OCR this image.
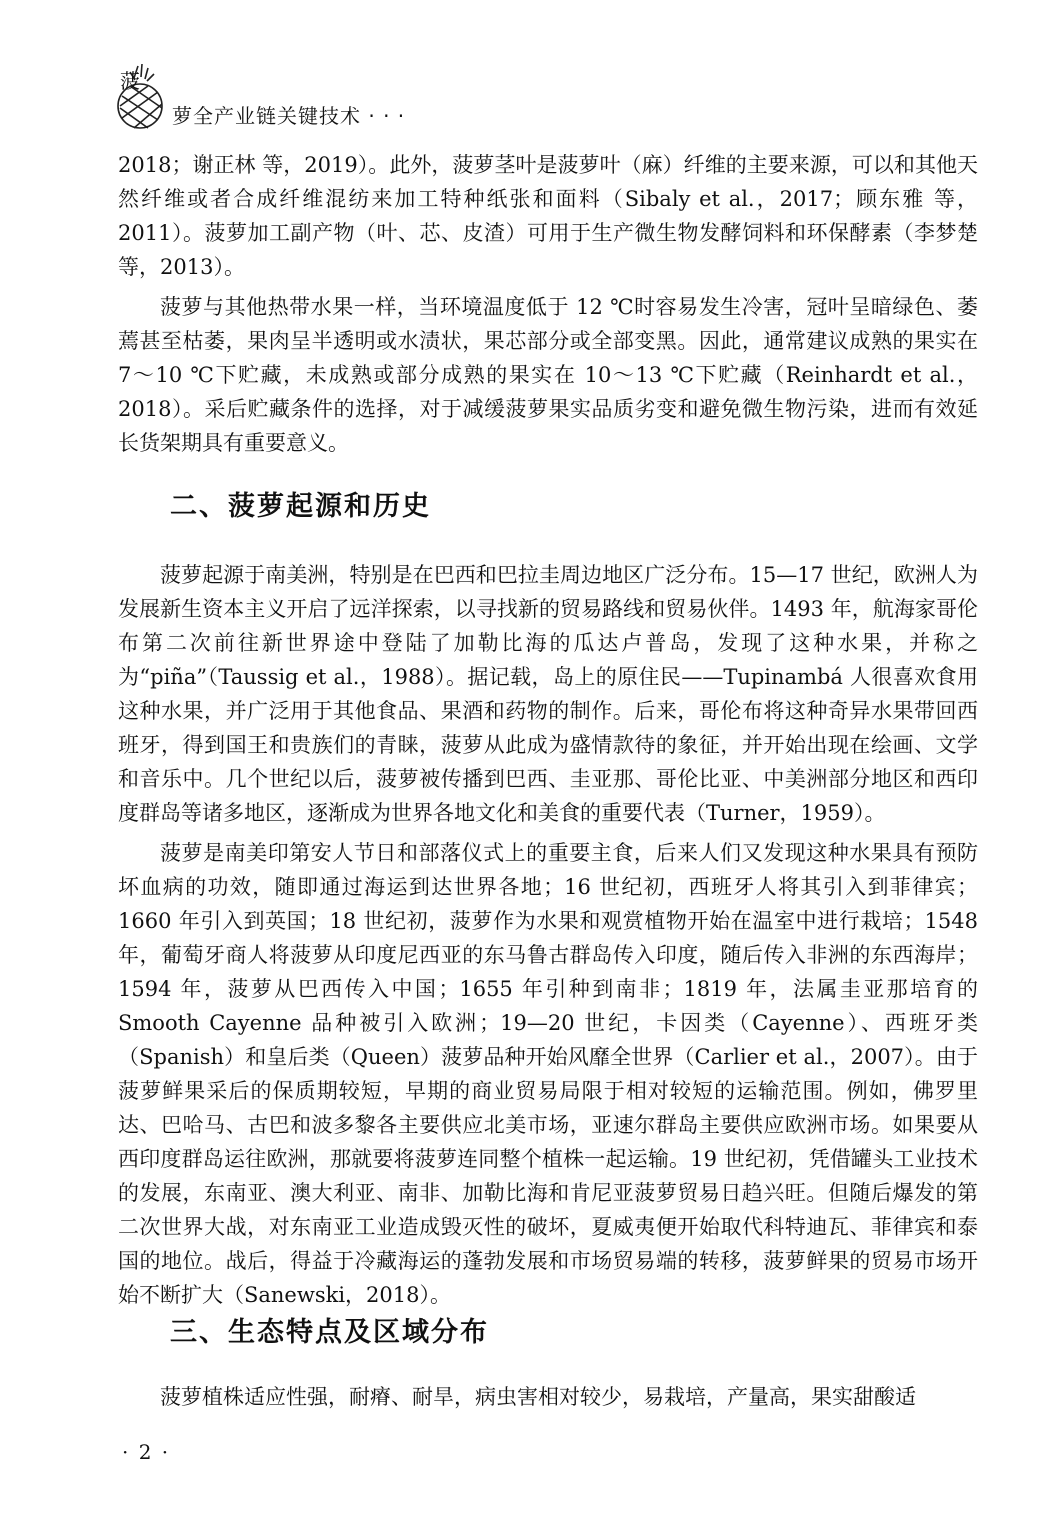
菠
萝全产业链关键技术 · · ·

2018；谢正林 等，2019）。此外，菠萝茎叶是菠萝叶（麻）纤维的主要来源，可以和其他天然纤维或者合成纤维混纺来加工特种纸张和面料（Sibaly et al.，2017；顾东雅 等，2011）。菠萝加工副产物（叶、芯、皮渣）可用于生产微生物发酵饲料和环保酵素（李梦楚 等，2013）。

菠萝与其他热带水果一样，当环境温度低于 12 ℃时容易发生冷害，冠叶呈暗绿色、萎蔫甚至枯萎，果肉呈半透明或水渍状，果芯部分或全部变黑。因此，通常建议成熟的果实在 7～10 ℃下贮藏，未成熟或部分成熟的果实在 10～13 ℃下贮藏（Reinhardt et al.，2018）。采后贮藏条件的选择，对于减缓菠萝果实品质劣变和避免微生物污染，进而有效延长货架期具有重要意义。

二、菠萝起源和历史

菠萝起源于南美洲，特别是在巴西和巴拉圭周边地区广泛分布。15—17 世纪，欧洲人为发展新生资本主义开启了远洋探索，以寻找新的贸易路线和贸易伙伴。1493 年，航海家哥伦布第二次前往新世界途中登陆了加勒比海的瓜达卢普岛，发现了这种水果，并称之为“piña”（Taussig et al.，1988）。据记载，岛上的原住民——Tupinambá 人很喜欢食用这种水果，并广泛用于其他食品、果酒和药物的制作。后来，哥伦布将这种奇异水果带回西班牙，得到国王和贵族们的青睐，菠萝从此成为盛情款待的象征，并开始出现在绘画、文学和音乐中。几个世纪以后，菠萝被传播到巴西、圭亚那、哥伦比亚、中美洲部分地区和西印度群岛等诸多地区，逐渐成为世界各地文化和美食的重要代表（Turner，1959）。

菠萝是南美印第安人节日和部落仪式上的重要主食，后来人们又发现这种水果具有预防坏血病的功效，随即通过海运到达世界各地；16 世纪初，西班牙人将其引入到菲律宾；1660 年引入到英国；18 世纪初，菠萝作为水果和观赏植物开始在温室中进行栽培；1548 年，葡萄牙商人将菠萝从印度尼西亚的东马鲁古群岛传入印度，随后传入非洲的东西海岸；1594 年，菠萝从巴西传入中国；1655 年引种到南非；1819 年，法属圭亚那培育的 Smooth Cayenne 品种被引入欧洲；19—20 世纪，卡因类（Cayenne）、西班牙类（Spanish）和皇后类（Queen）菠萝品种开始风靡全世界（Carlier et al.，2007）。由于菠萝鲜果采后的保质期较短，早期的商业贸易局限于相对较短的运输范围。例如，佛罗里达、巴哈马、古巴和波多黎各主要供应北美市场，亚速尔群岛主要供应欧洲市场。如果要从西印度群岛运往欧洲，那就要将菠萝连同整个植株一起运输。19 世纪初，凭借罐头工业技术的发展，东南亚、澳大利亚、南非、加勒比海和肯尼亚菠萝贸易日趋兴旺。但随后爆发的第二次世界大战，对东南亚工业造成毁灭性的破坏，夏威夷便开始取代科特迪瓦、菲律宾和泰国的地位。战后，得益于冷藏海运的蓬勃发展和市场贸易端的转移，菠萝鲜果的贸易市场开始不断扩大（Sanewski，2018）。

三、生态特点及区域分布

菠萝植株适应性强，耐瘠、耐旱，病虫害相对较少，易栽培，产量高，果实甜酸适

· 2 ·
